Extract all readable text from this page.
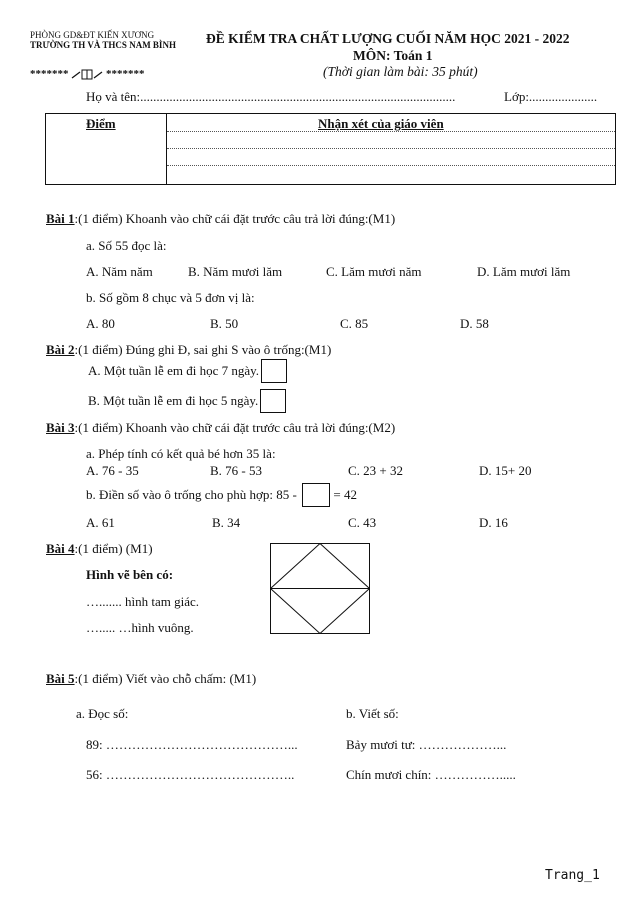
PHÒNG GD&ĐT KIẾN XƯƠNG
TRƯỜNG TH VÀ THCS NAM BÌNH
*******	*******
ĐỀ KIỂM TRA CHẤT LƯỢNG CUỐI NĂM HỌC 2021 - 2022
MÔN: Toán 1
(Thời gian làm bài: 35 phút)
Họ và tên:.................................................................................................	Lớp:.....................
Điểm	Nhận xét của giáo viên
Bài 1:(1 điểm) Khoanh vào chữ cái đặt trước câu trả lời đúng:(M1)
a. Số 55 đọc là:
A. Năm năm	B. Năm mươi lăm	C. Lăm mươi năm	D. Lăm mươi lăm
b. Số gồm 8 chục và 5 đơn vị là:
A. 80	B. 50	C. 85	D. 58
Bài 2:(1 điểm) Đúng ghi Đ, sai ghi S vào ô trống:(M1)
A. Một tuần lễ em đi học 7 ngày.
B. Một tuần lễ em đi học 5 ngày.
Bài 3:(1 điểm) Khoanh vào chữ cái đặt trước câu trả lời đúng:(M2)
a. Phép tính có kết quả bé hơn 35 là:
A. 76 - 35	B. 76 - 53	C. 23 + 32	D. 15+ 20
b. Điền số vào ô trống cho phù hợp: 85 -	= 42
A. 61	B. 34	C. 43	D. 16
Bài 4:(1 điểm) (M1)
Hình vẽ bên có:
…....... hình tam giác.
…..... …hình vuông.
Bài 5:(1 điểm) Viết vào chỗ chấm: (M1)
a. Đọc số:	b. Viết số:
89: ……………………………………...	Bảy mươi tư: ………………...
56: ……………………………………..	Chín mươi chín: …………….....
Trang_1
